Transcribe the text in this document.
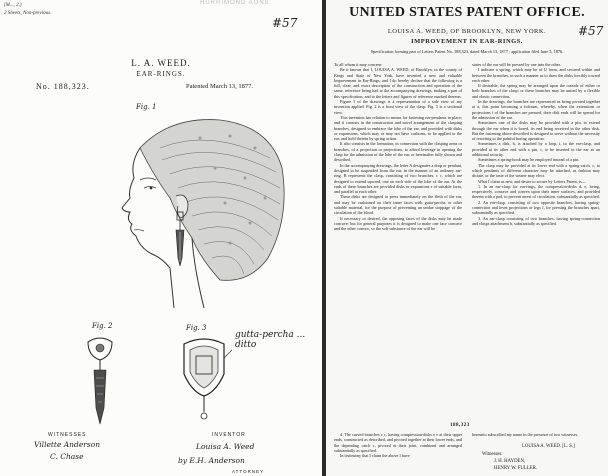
(M..., 2.)
2 Sheets, Non-previous.
HURRIMOND AONS
#57
L. A. WEED.
EAR-RINGS.
No. 188,323.	Patented March 13, 1877.
Fig. 1
Fig. 2	Fig. 3
gutta-percha ... ditto
WITNESSES
Villette Anderson
C. Chase
INVENTOR
Louisa A. Weed
by E.H. Anderson
ATTORNEY
UNITED STATES PATENT OFFICE.
#57
LOUISA A. WEED, OF BROOKLYN, NEW YORK.
IMPROVEMENT IN EAR-RINGS.
Specification forming part of Letters Patent No. 188,323, dated March 13, 1877 ; application filed June 5, 1876.

To all whom it may concern:

Be it known that I, LOUISA A. WEED, of Brooklyn, in the county of Kings and State of New York, have invented a new and valuable Improvement in Ear-Rings; and I do hereby declare that the following is a full, clear, and exact description of the construction and operation of the same, reference being had to the accompanying drawings, making a part of this specification, and to the letters and figures of reference marked thereon.

Figure 1 of the drawings is a representation of a side view of my invention applied. Fig. 2 is a front view of the clasp. Fig. 3 is a sectional view.

This invention has relation to means for fastening ear-pendants in place; and it consists in the construction and novel arrangement of the clasping branches, designed to embrace the lobe of the ear, and provided with disks or expansions, which may or may not have cushions, to be applied to the ear, and hold therein by spring action.

It also consists in the formation, in connection with the clasping arms or branches, of a projection or projections, to afford leverage in opening the clasp for the admission of the lobe of the ear, or hereinafter fully shown and described.

In the accompanying drawings, the letter A designates a drop or pendant, designed to be suspended from the ear, in the manner of an ordinary ear-ring. B represents the clasp, consisting of two branches, c c, which are designed to extend upward, one on each side of the lobe of the ear. At the ends of these branches are provided disks or expansions e of suitable form, and parallel to each other.

These disks are designed to press immediately on the flesh of the ear, and may be cushioned on their inner faces with gutta-percha or other suitable material, for the purpose of preventing an undue stoppage of the circulation of the blood.

If necessary or desired, the opposing faces of the disks may be made concave; but for general purposes it is designed to make one face concave and the other convex, so the soft substance of the ear will be

states of the ear will be pressed by one into the other.

I indicate a spring, which may be of U form, and secured within and between the branches, in such a manner as to draw the disks forcibly toward each other.

If desirable, the spring may be arranged upon the outside of either or both branches of the clasp; or these branches may be united by a flexible and elastic connection.

In the drawings, the branches are represented as being pivoted together at a, this point becoming a fulcrum, whereby, when the extensions or projections f of the branches are pressed, their disk ends will be spread for the admission of the ear.

Sometimes one of the disks may be provided with a pin, to extend through the ear when it is bored, its end being received in the other disk. But the fastening above described is designed to serve without the necessity of resorting to the painful boring operation.

Sometimes a disk, h, is attached by a loop, i, to the ear-clasp, and provided at its other end with a pin, c, to be inserted in the ear as an additional security.

Sometimes a spring-hook may be employed instead of a pin.

The clasp may be provided at its lower end with a spring-catch, c, to which pendants of different character may be attached, as fashion may dictate, or the taste of the wearer may elect.

What I claim as new, and desire to secure by Letters Patent, is—

1. In an ear-clasp for ear-rings, the compression-disks d, e, being, respectively, concave and convex upon their inner surfaces, and provided therein with a pad, to prevent arrest of circulation, substantially as specified.

2. An ear-clasp, consisting of two opposite branches, having spring-connection and lever projections or legs f, for pressing the branches apart, substantially as specified.

3. An ear-clasp consisting of two branches, having spring-connection and clasps attachment h, substantially as specified.

188,323

4. The curved branches c c, having compression-disks e e at their upper ends, constructed as described, and pivoted together at their lower ends, and the depending catch c, pivoted at their joint, combined and arranged substantially as specified.

In testimony that I claim the above I have

hereunto subscribed my name in the presence of two witnesses.

LOUISA A. WEED. [L. S.]
Witnesses:
J. H. HAYDEN,
HENRY W. FULLER.
